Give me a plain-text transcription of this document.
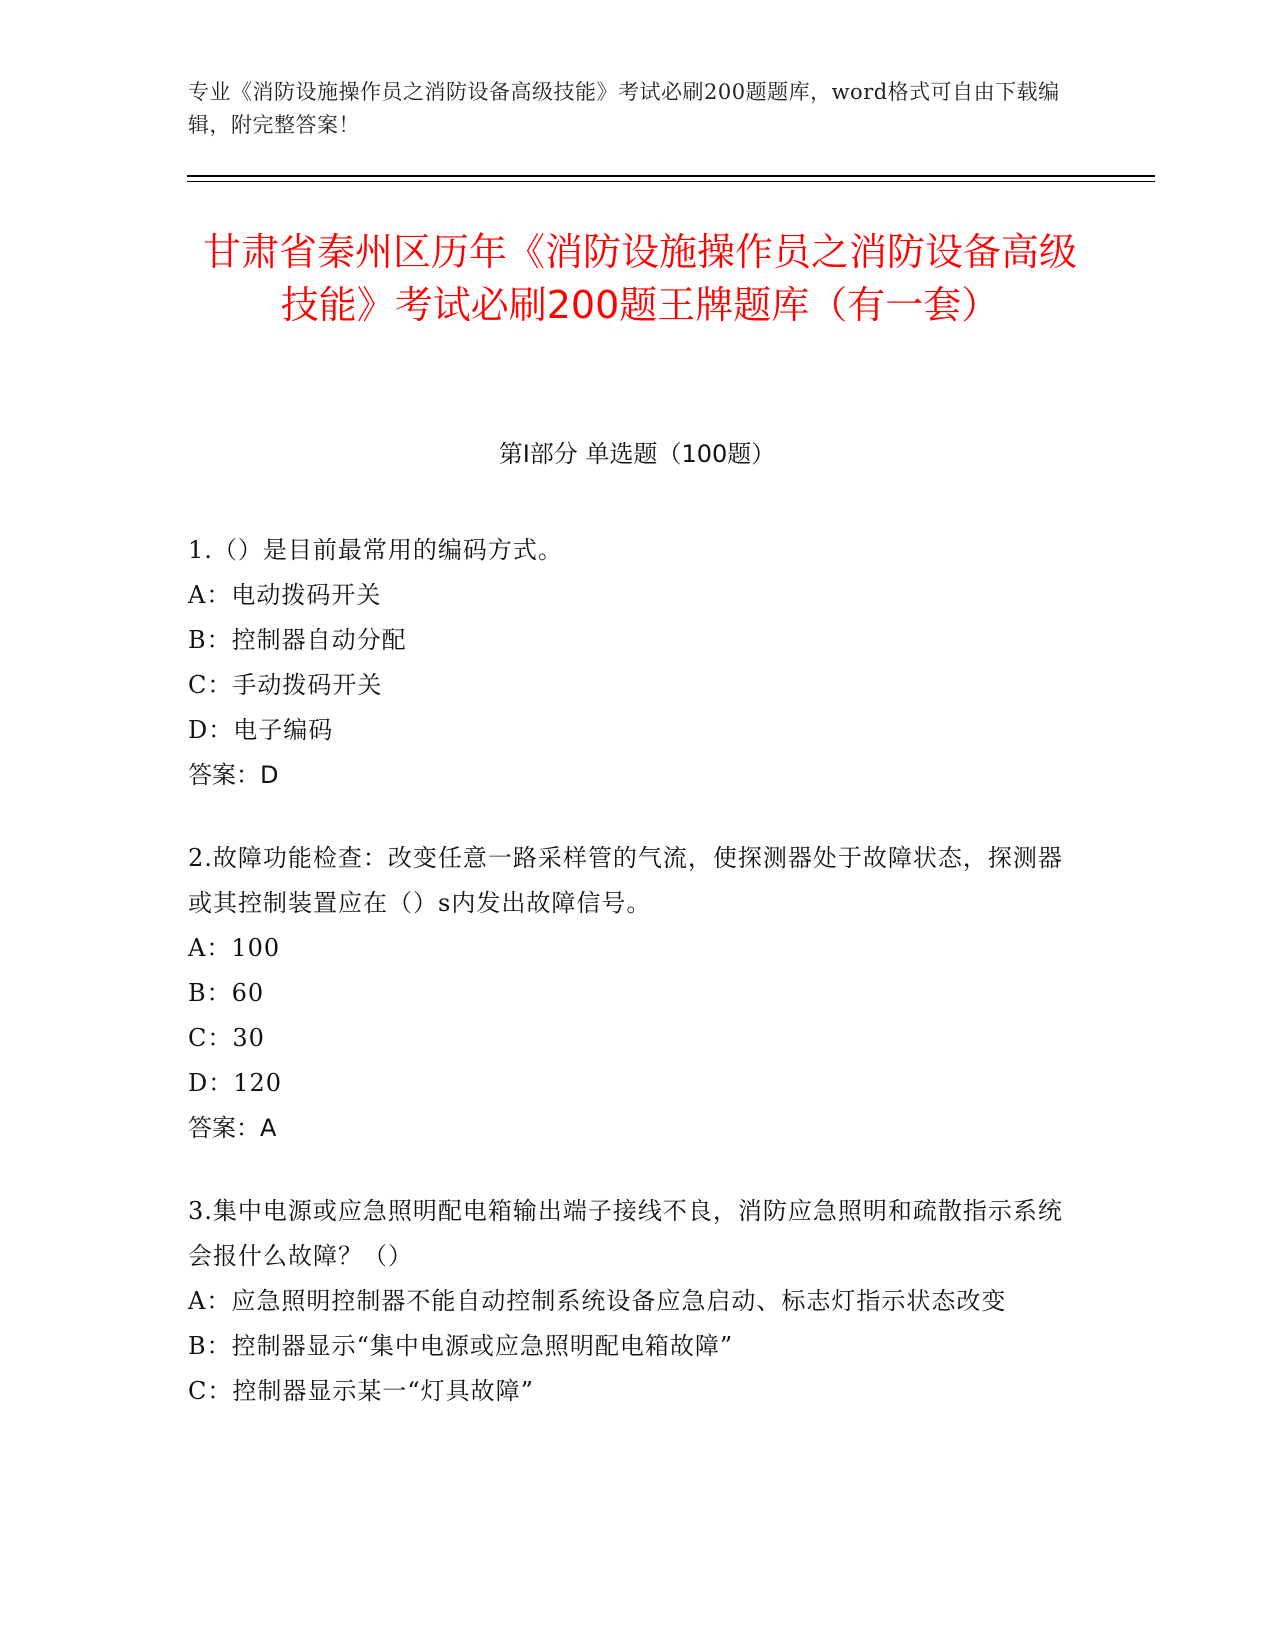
专业《消防设施操作员之消防设备高级技能》考试必刷200题题库，word格式可自由下载编辑，附完整答案！
甘肃省秦州区历年《消防设施操作员之消防设备高级技能》考试必刷200题王牌题库（有一套）
第I部分 单选题（100题）

1.（）是目前最常用的编码方式。

A：电动拨码开关

B：控制器自动分配

C：手动拨码开关

D：电子编码

答案：D

2.故障功能检查：改变任意一路采样管的气流，使探测器处于故障状态，探测器或其控制装置应在（）s内发出故障信号。

A：100

B：60

C：30

D：120

答案：A

3.集中电源或应急照明配电箱输出端子接线不良，消防应急照明和疏散指示系统会报什么故障？（）

A：应急照明控制器不能自动控制系统设备应急启动、标志灯指示状态改变

B：控制器显示“集中电源或应急照明配电箱故障”

C：控制器显示某一“灯具故障”
